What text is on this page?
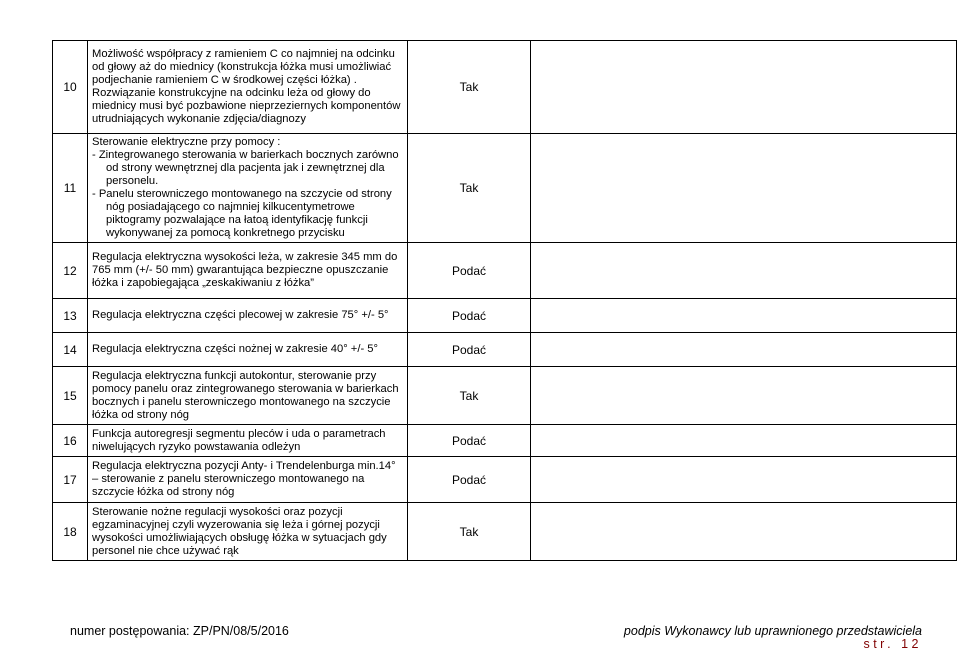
10	Możliwość współpracy z ramieniem C co najmniej na odcinku od głowy aż do miednicy (konstrukcja łóżka musi umożliwiać podjechanie ramieniem C w środkowej części łóżka) . Rozwiązanie konstrukcyjne na odcinku leża od głowy do miednicy musi być pozbawione nieprzeziernych komponentów utrudniających wykonanie zdjęcia/diagnozy	Tak	
11	Sterowanie elektryczne przy pomocy :
- Zintegrowanego sterowania w barierkach bocznych zarówno od strony wewnętrznej dla pacjenta jak i zewnętrznej dla personelu.
- Panelu sterowniczego montowanego na szczycie od strony nóg posiadającego co najmniej kilkucentymetrowe piktogramy pozwalające na łatoą identyfikację funkcji wykonywanej za pomocą konkretnego przycisku	Tak	
12	Regulacja elektryczna wysokości leża, w zakresie 345 mm do 765 mm (+/- 50 mm) gwarantująca bezpieczne opuszczanie łóżka i zapobiegająca „zeskakiwaniu z łóżka”	Podać	
13	Regulacja elektryczna części plecowej w zakresie 75° +/- 5°	Podać	
14	Regulacja elektryczna części nożnej w zakresie 40° +/- 5°	Podać	
15	Regulacja elektryczna funkcji autokontur, sterowanie przy pomocy panelu oraz zintegrowanego sterowania w barierkach bocznych i panelu sterowniczego montowanego na szczycie łóżka od strony nóg	Tak	
16	Funkcja autoregresji segmentu pleców i uda o parametrach niwelujących ryzyko powstawania odleżyn	Podać	
17	Regulacja elektryczna pozycji Anty- i Trendelenburga min.14° – sterowanie z panelu sterowniczego montowanego na szczycie łóżka od strony nóg	Podać	
18	Sterowanie nożne regulacji wysokości oraz pozycji egzaminacyjnej czyli wyzerowania się leża i górnej pozycji wysokości umożliwiających obsługę łóżka w sytuacjach gdy personel nie chce używać rąk	Tak	
numer postępowania: ZP/PN/08/5/2016	podpis Wykonawcy lub uprawnionego przedstawiciela
str. 12
